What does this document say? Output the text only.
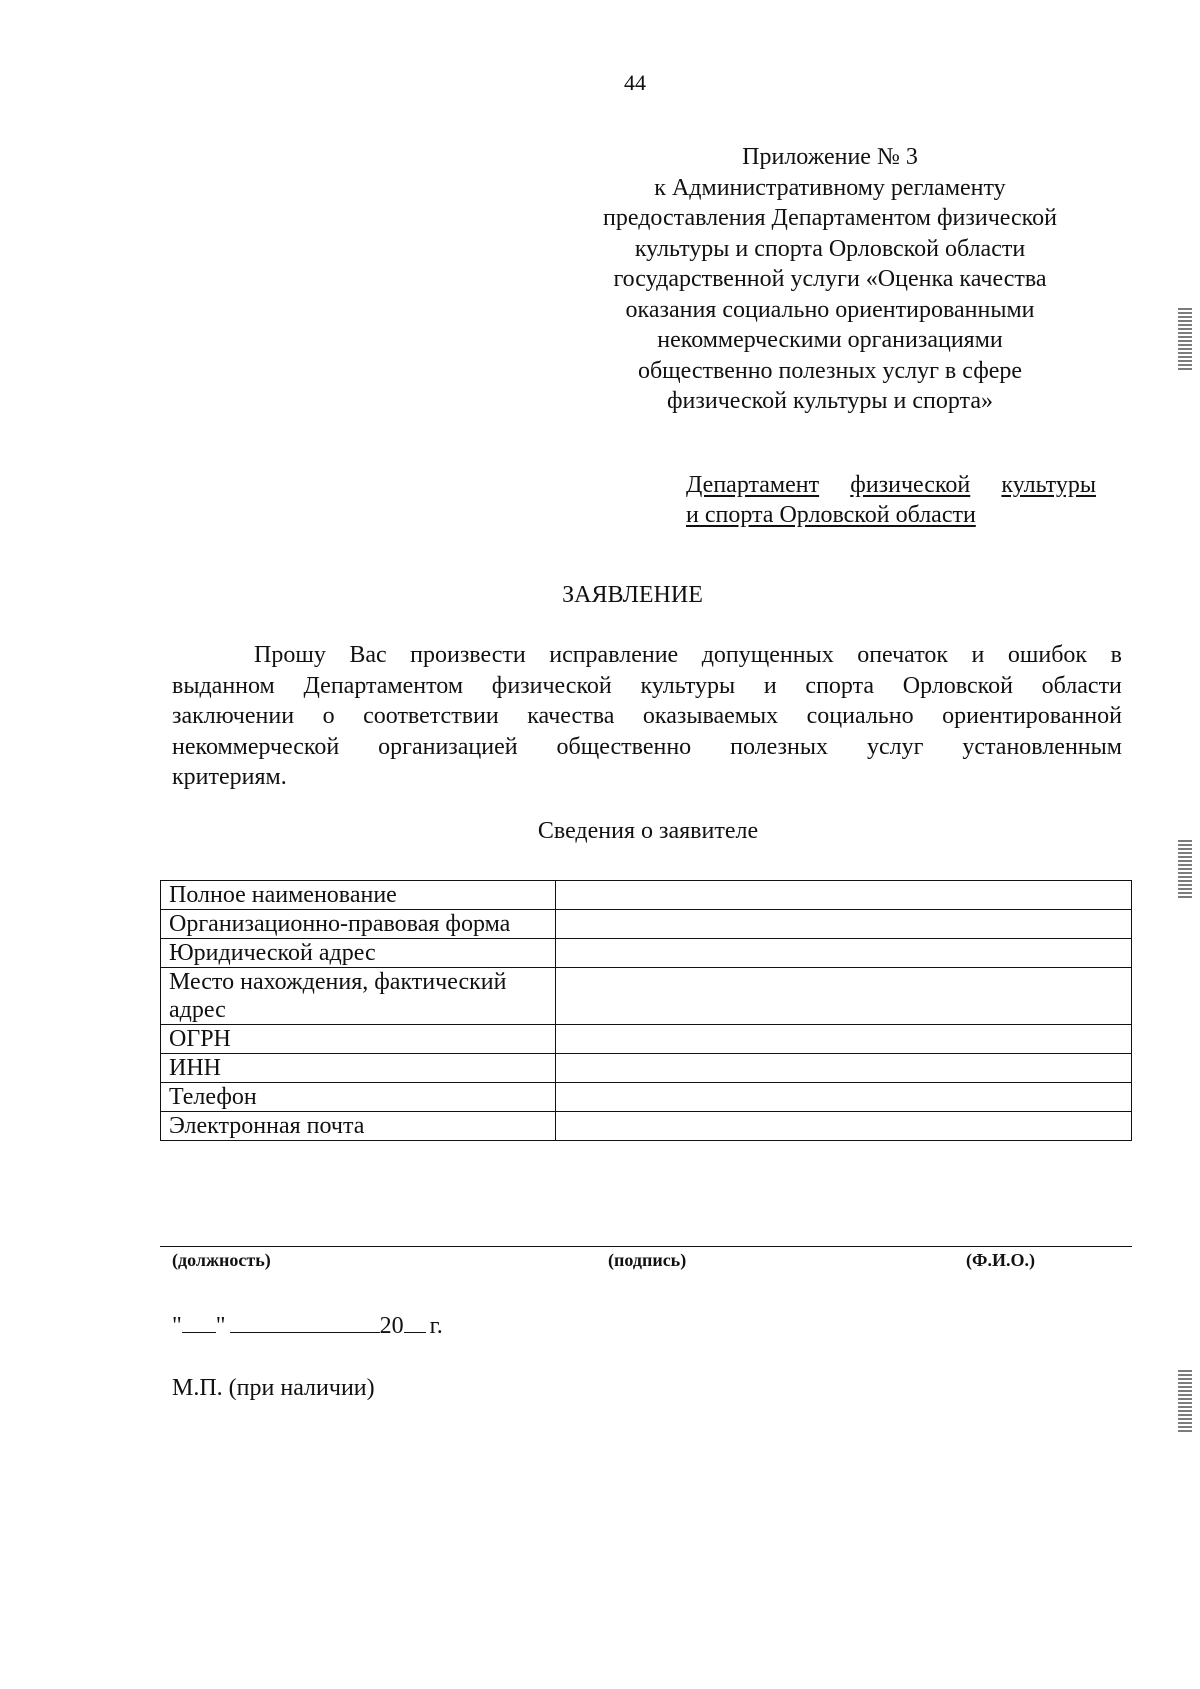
44
Приложение № 3
к Административному регламенту
предоставления Департаментом физической
культуры и спорта Орловской области
государственной услуги «Оценка качества
оказания социально ориентированными
некоммерческими организациями
общественно полезных услуг в сфере
физической культуры и спорта»
Департамент физической культуры
и спорта Орловской области
ЗАЯВЛЕНИЕ
Прошу Вас произвести исправление допущенных опечаток и ошибок в
выданном Департаментом физической культуры и спорта Орловской области
заключении о соответствии качества оказываемых социально ориентированной
некоммерческой организацией общественно полезных услуг установленным
критериям.
Сведения о заявителе
Полное наименование	
Организационно-правовая форма	
Юридической адрес	
Место нахождения, фактический адрес	
ОГРН	
ИНН	
Телефон	
Электронная почта	
(должность)	(подпись)	(Ф.И.О.)
" "	20 г.
М.П. (при наличии)
